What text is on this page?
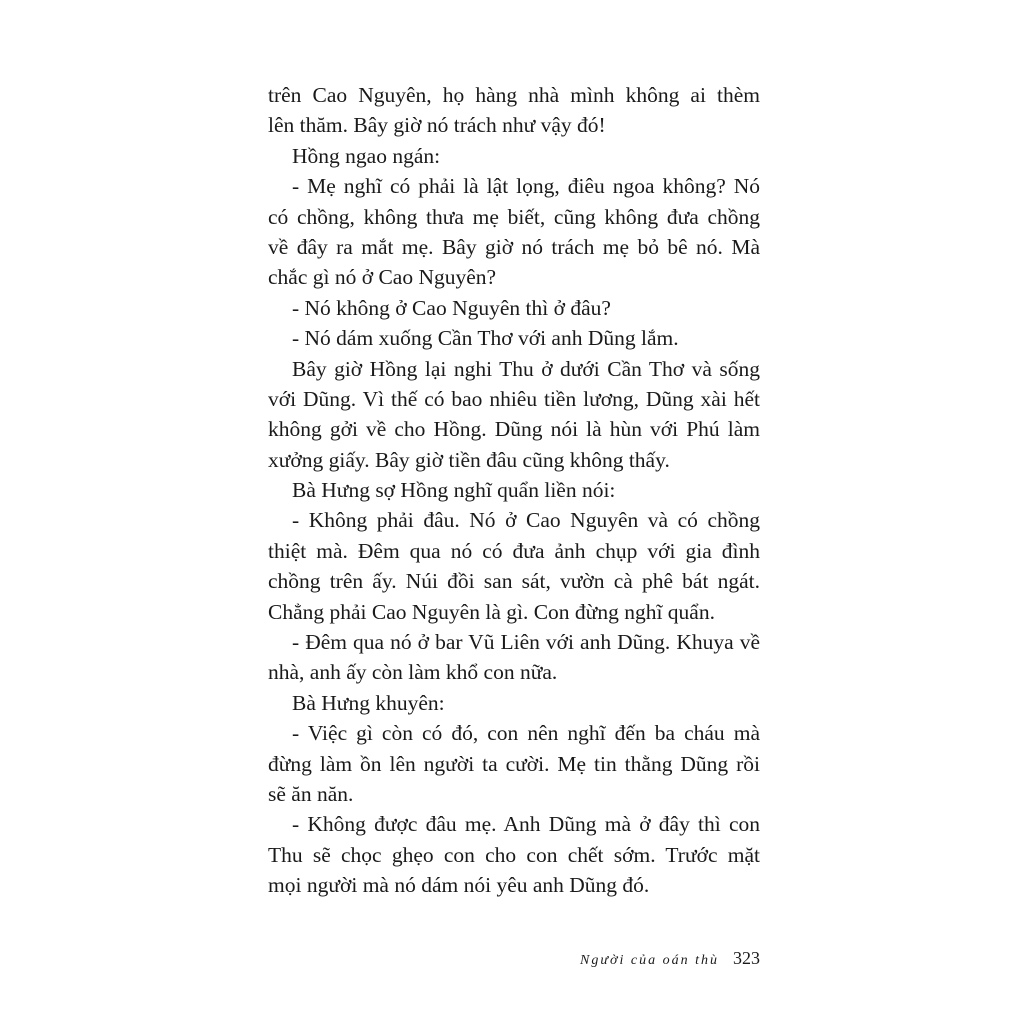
trên Cao Nguyên, họ hàng nhà mình không ai thèm
lên thăm. Bây giờ nó trách như vậy đó!
Hồng ngao ngán:
- Mẹ nghĩ có phải là lật lọng, điêu ngoa không? Nó
có chồng, không thưa mẹ biết, cũng không đưa chồng
về đây ra mắt mẹ. Bây giờ nó trách mẹ bỏ bê nó. Mà
chắc gì nó ở Cao Nguyên?
- Nó không ở Cao Nguyên thì ở đâu?
- Nó dám xuống Cần Thơ với anh Dũng lắm.
Bây giờ Hồng lại nghi Thu ở dưới Cần Thơ và sống
với Dũng. Vì thế có bao nhiêu tiền lương, Dũng xài hết
không gởi về cho Hồng. Dũng nói là hùn với Phú làm
xưởng giấy. Bây giờ tiền đâu cũng không thấy.
Bà Hưng sợ Hồng nghĩ quẩn liền nói:
- Không phải đâu. Nó ở Cao Nguyên và có chồng
thiệt mà. Đêm qua nó có đưa ảnh chụp với gia đình
chồng trên ấy. Núi đồi san sát, vườn cà phê bát ngát.
Chẳng phải Cao Nguyên là gì. Con đừng nghĩ quẩn.
- Đêm qua nó ở bar Vũ Liên với anh Dũng. Khuya về
nhà, anh ấy còn làm khổ con nữa.
Bà Hưng khuyên:
- Việc gì còn có đó, con nên nghĩ đến ba cháu mà
đừng làm ồn lên người ta cười. Mẹ tin thằng Dũng rồi
sẽ ăn năn.
- Không được đâu mẹ. Anh Dũng mà ở đây thì con
Thu sẽ chọc ghẹo con cho con chết sớm. Trước mặt
mọi người mà nó dám nói yêu anh Dũng đó.
Người của oán thù 323
